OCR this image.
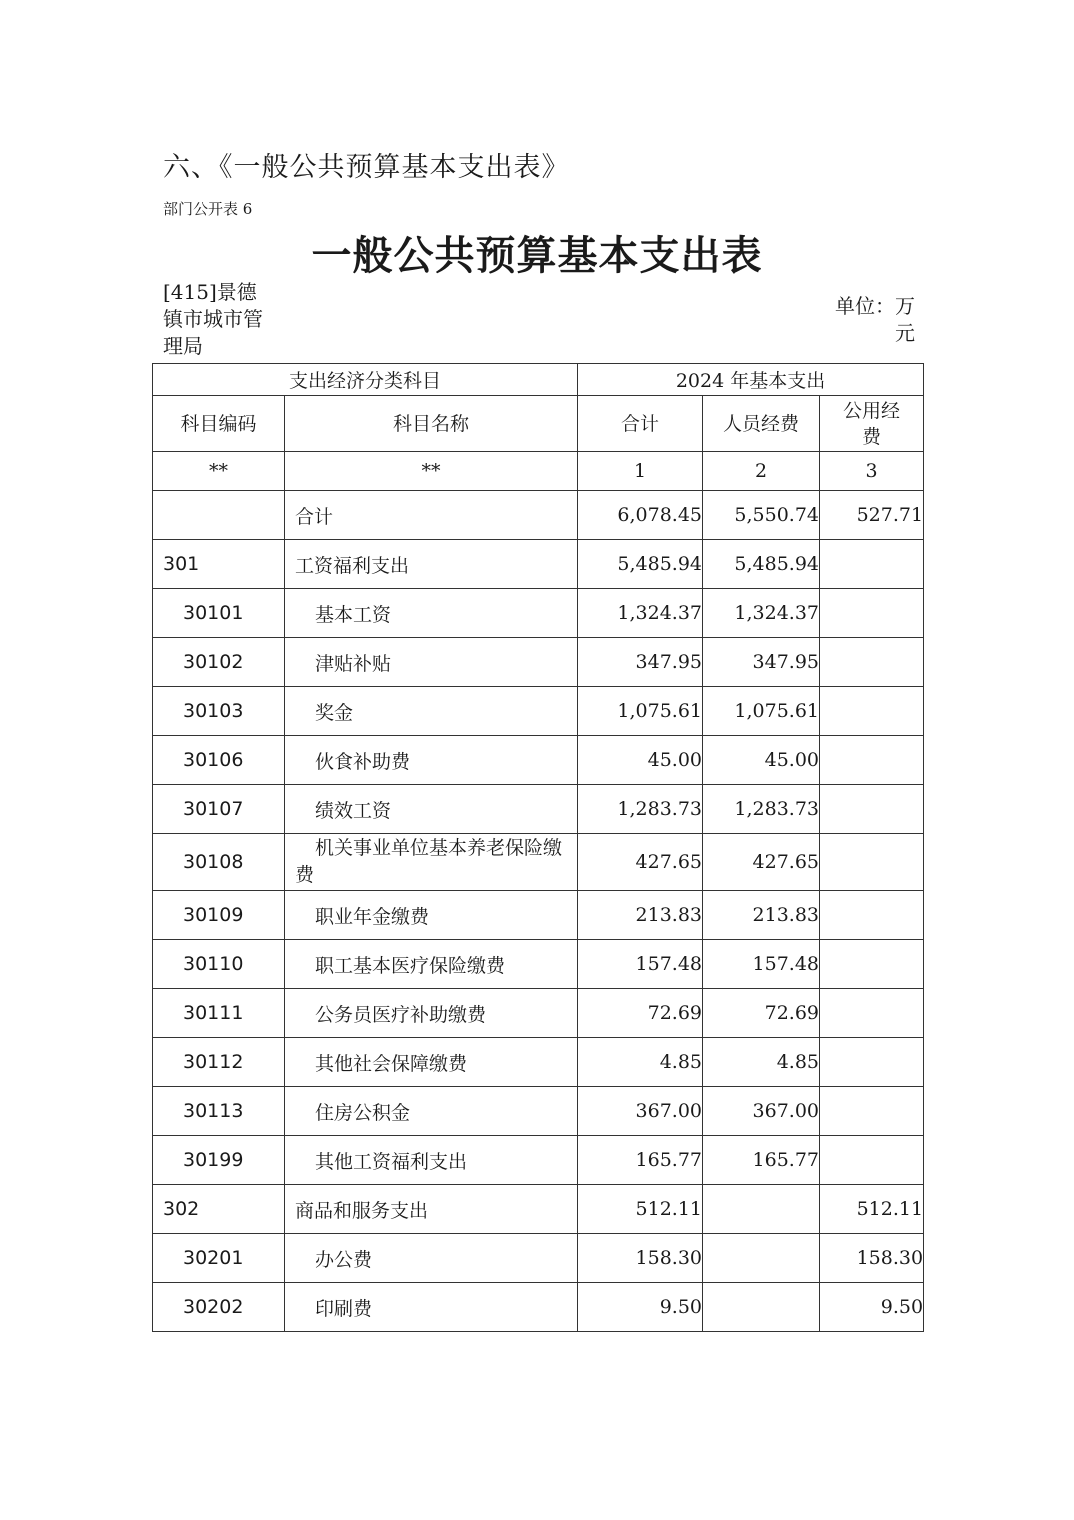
六、《一般公共预算基本支出表》
部门公开表 6
一般公共预算基本支出表
[415]景德镇市城市管理局
单位：万元
支出经济分类科目		2024 年基本支出		
科目编码	科目名称	合计	人员经费	公用经费
**	**	1	2	3
	合计	6,078.45	5,550.74	527.71
301	工资福利支出	5,485.94	5,485.94	
30101	基本工资	1,324.37	1,324.37	
30102	津贴补贴	347.95	347.95	
30103	奖金	1,075.61	1,075.61	
30106	伙食补助费	45.00	45.00	
30107	绩效工资	1,283.73	1,283.73	
30108	机关事业单位基本养老保险缴费	427.65	427.65	
30109	职业年金缴费	213.83	213.83	
30110	职工基本医疗保险缴费	157.48	157.48	
30111	公务员医疗补助缴费	72.69	72.69	
30112	其他社会保障缴费	4.85	4.85	
30113	住房公积金	367.00	367.00	
30199	其他工资福利支出	165.77	165.77	
302	商品和服务支出	512.11		512.11
30201	办公费	158.30		158.30
30202	印刷费	9.50		9.50
